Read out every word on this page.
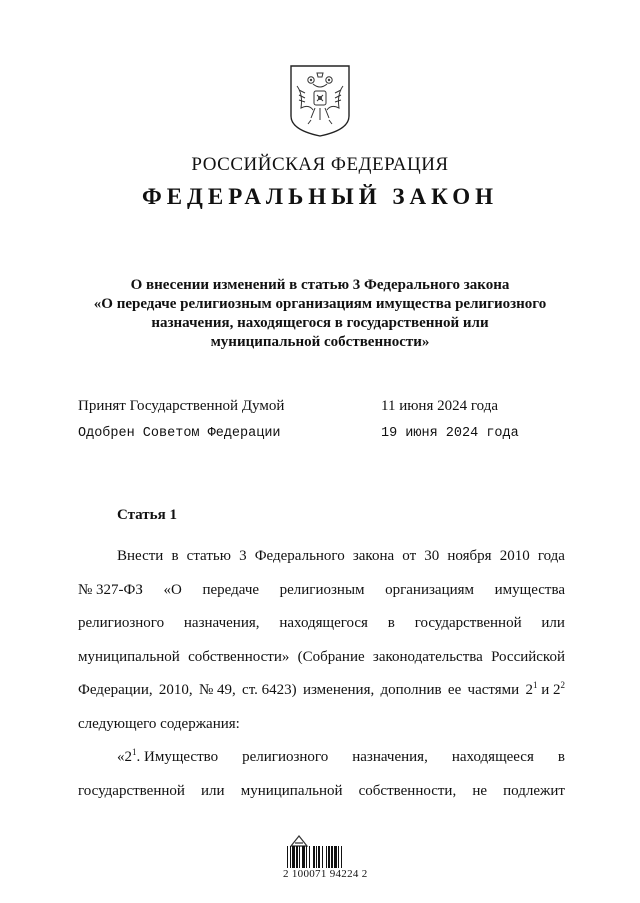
РОССИЙСКАЯ ФЕДЕРАЦИЯ
ФЕДЕРАЛЬНЫЙ ЗАКОН
О внесении изменений в статью 3 Федерального закона
«О передаче религиозным организациям имущества религиозного
назначения, находящегося в государственной или
муниципальной собственности»
Принят Государственной Думой	11 июня 2024 года
Одобрен Советом Федерации	19 июня 2024 года
Статья 1
Внести в статью 3 Федерального закона от 30 ноября 2010 года
№ 327-ФЗ «О передаче религиозным организациям имущества
религиозного назначения, находящегося в государственной или
муниципальной собственности» (Собрание законодательства Российской
Федерации, 2010, № 49, ст. 6423) изменения, дополнив ее частями $2^1$ и $2^2$
следующего содержания:
«$2^1$. Имущество религиозного назначения, находящееся в
государственной или муниципальной собственности, не подлежит
2 100071 94224 2
